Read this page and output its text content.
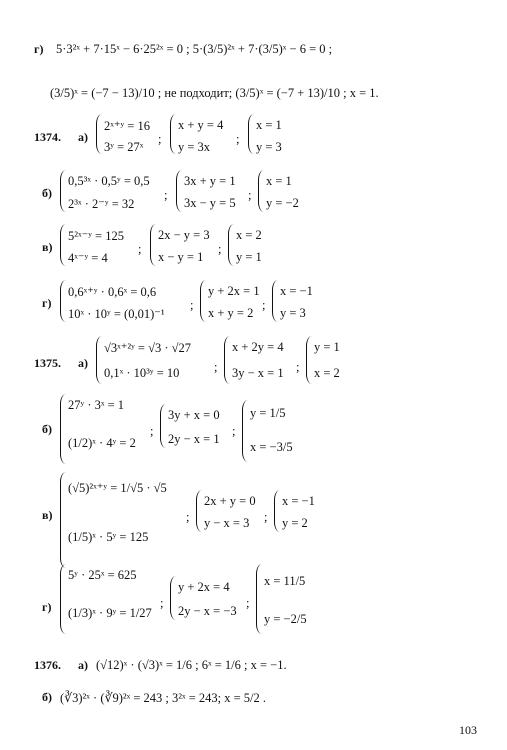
г) 5·3²ˣ + 7·15ˣ − 6·25²ˣ = 0 ; 5·(3/5)²ˣ + 7·(3/5)ˣ − 6 = 0 ;
(3/5)ˣ = (−7 − 13)/10 ; не подходит; (3/5)ˣ = (−7 + 13)/10 ; x = 1.
1374. а)
2ˣ⁺ʸ = 16
3ʸ = 27ˣ
;
x + y = 4
y = 3x
;
x = 1
y = 3
б)
0,5³ˣ · 0,5ʸ = 0,5
2³ˣ · 2⁻ʸ = 32
;
3x + y = 1
3x − y = 5
;
x = 1
y = −2
в)
5²ˣ⁻ʸ = 125
4ˣ⁻ʸ = 4
;
2x − y = 3
x − y = 1
;
x = 2
y = 1
г)
0,6ˣ⁺ʸ · 0,6ˣ = 0,6
10ˣ · 10ʸ = (0,01)⁻¹
;
y + 2x = 1
x + y = 2
;
x = −1
y = 3
1375. а)
√3ˣ⁺²ʸ = √3 · √27
0,1ˣ · 10³ʸ = 10	;
x + 2y = 4
3y − x = 1 ;
y = 1
x = 2
б)
27ʸ · 3ˣ = 1
(1/2)ˣ · 4ʸ = 2
;
3y + x = 0
2y − x = 1
;
y = 1/5
x = −3/5
в)
(√5)²ˣ⁺ʸ = 1/√5 · √5
(1/5)ˣ · 5ʸ = 125
;
2x + y = 0
y − x = 3 ;
x = −1
y = 2
г)
5ʸ · 25ˣ = 625
(1/3)ˣ · 9ʸ = 1/27
;
y + 2x = 4
2y − x = −3
;
x = 11/5
y = −2/5
1376. а) (√12)ˣ · (√3)ˣ = 1/6 ; 6ˣ = 1/6 ; x = −1.
б) (∛3)²ˣ · (∛9)²ˣ = 243 ; 3²ˣ = 243; x = 5/2 .
103
